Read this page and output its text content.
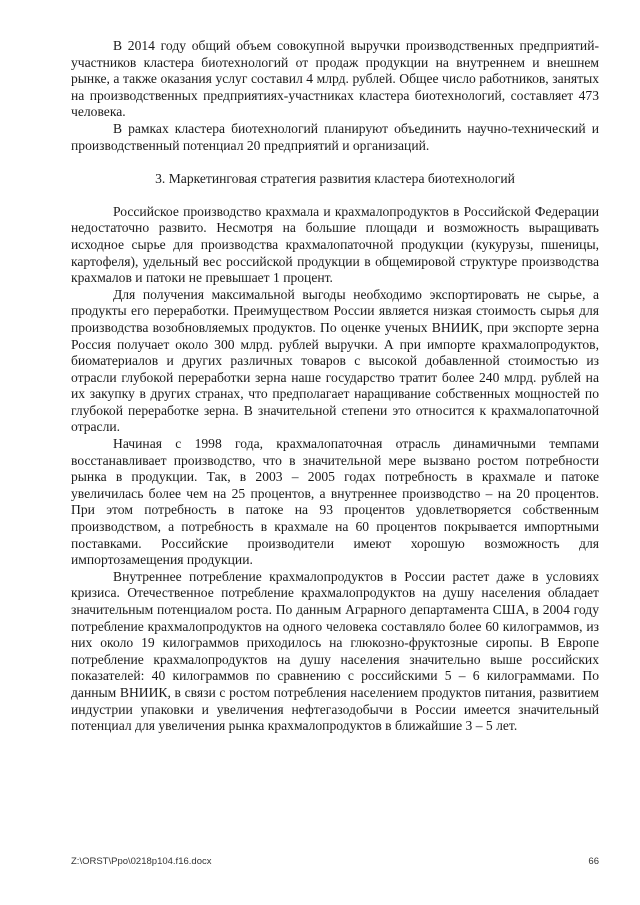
В 2014 году общий объем совокупной выручки производственных предприятий-участников кластера биотехнологий от продаж продукции на внутреннем и внешнем рынке, а также оказания услуг составил 4 млрд. рублей. Общее число работников, занятых на производственных предприятиях-участниках кластера биотехнологий, составляет 473 человека.

В рамках кластера биотехнологий планируют объединить научно-технический и производственный потенциал 20 предприятий и организаций.

3. Маркетинговая стратегия развития кластера биотехнологий

Российское производство крахмала и крахмалопродуктов в Российской Федерации недостаточно развито. Несмотря на большие площади и возможность выращивать исходное сырье для производства крахмалопаточной продукции (кукурузы, пшеницы, картофеля), удельный вес российской продукции в общемировой структуре производства крахмалов и патоки не превышает 1 процент.

Для получения максимальной выгоды необходимо экспортировать не сырье, а продукты его переработки. Преимуществом России является низкая стоимость сырья для производства возобновляемых продуктов. По оценке ученых ВНИИК, при экспорте зерна Россия получает около 300 млрд. рублей выручки. А при импорте крахмалопродуктов, биоматериалов и других различных товаров с высокой добавленной стоимостью из отрасли глубокой переработки зерна наше государство тратит более 240 млрд. рублей на их закупку в других странах, что предполагает наращивание собственных мощностей по глубокой переработке зерна. В значительной степени это относится к крахмалопаточной отрасли.

Начиная с 1998 года, крахмалопаточная отрасль динамичными темпами восстанавливает производство, что в значительной мере вызвано ростом потребности рынка в продукции. Так, в 2003 – 2005 годах потребность в крахмале и патоке увеличилась более чем на 25 процентов, а внутреннее производство – на 20 процентов. При этом потребность в патоке на 93 процентов удовлетворяется собственным производством, а потребность в крахмале на 60 процентов покрывается импортными поставками. Российские производители имеют хорошую возможность для импортозамещения продукции.

Внутреннее потребление крахмалопродуктов в России растет даже в условиях кризиса. Отечественное потребление крахмалопродуктов на душу населения обладает значительным потенциалом роста. По данным Аграрного департамента США, в 2004 году потребление крахмалопродуктов на одного человека составляло более 60 килограммов, из них около 19 килограммов приходилось на глюкозно-фруктозные сиропы. В Европе потребление крахмалопродуктов на душу населения значительно выше российских показателей: 40 килограммов по сравнению с российскими 5 – 6 килограммами. По данным ВНИИК, в связи с ростом потребления населением продуктов питания, развитием индустрии упаковки и увеличения нефтегазодобычи в России имеется значительный потенциал для увеличения рынка крахмалопродуктов в ближайшие 3 – 5 лет.

Z:\ORST\Ppo\0218p104.f16.docx	66
